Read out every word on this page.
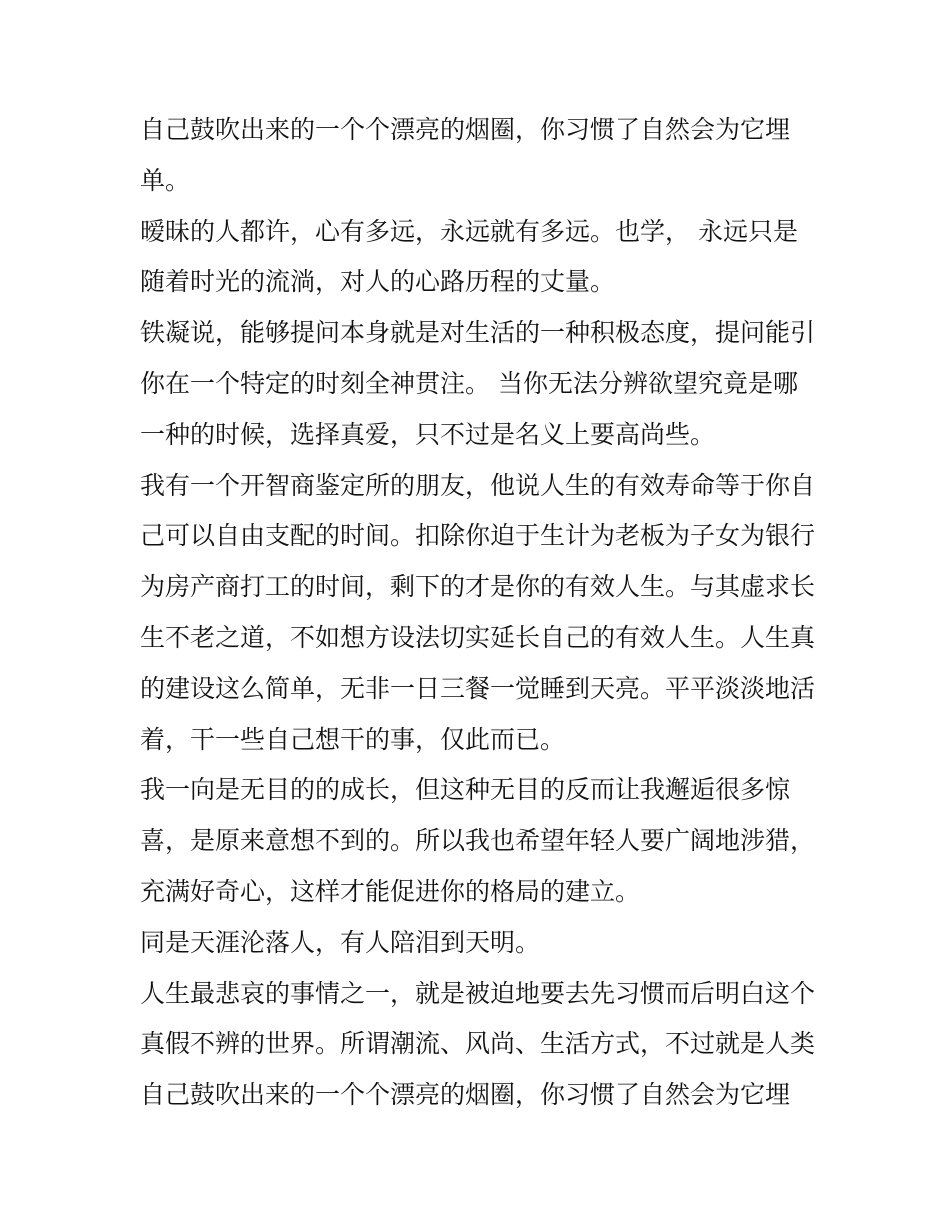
自己鼓吹出来的一个个漂亮的烟圈，你习惯了自然会为它埋
单。
暧昧的人都许，心有多远，永远就有多远。也学， 永远只是
随着时光的流淌，对人的心路历程的丈量。
铁凝说，能够提问本身就是对生活的一种积极态度，提问能引
你在一个特定的时刻全神贯注。 当你无法分辨欲望究竟是哪
一种的时候，选择真爱，只不过是名义上要高尚些。
我有一个开智商鉴定所的朋友，他说人生的有效寿命等于你自
己可以自由支配的时间。扣除你迫于生计为老板为子女为银行
为房产商打工的时间，剩下的才是你的有效人生。与其虚求长
生不老之道，不如想方设法切实延长自己的有效人生。人生真
的建设这么简单，无非一日三餐一觉睡到天亮。平平淡淡地活
着，干一些自己想干的事，仅此而已。
我一向是无目的的成长，但这种无目的反而让我邂逅很多惊
喜，是原来意想不到的。所以我也希望年轻人要广阔地涉猎，
充满好奇心，这样才能促进你的格局的建立。
同是天涯沦落人，有人陪泪到天明。
人生最悲哀的事情之一，就是被迫地要去先习惯而后明白这个
真假不辨的世界。所谓潮流、风尚、生活方式，不过就是人类
自己鼓吹出来的一个个漂亮的烟圈，你习惯了自然会为它埋
